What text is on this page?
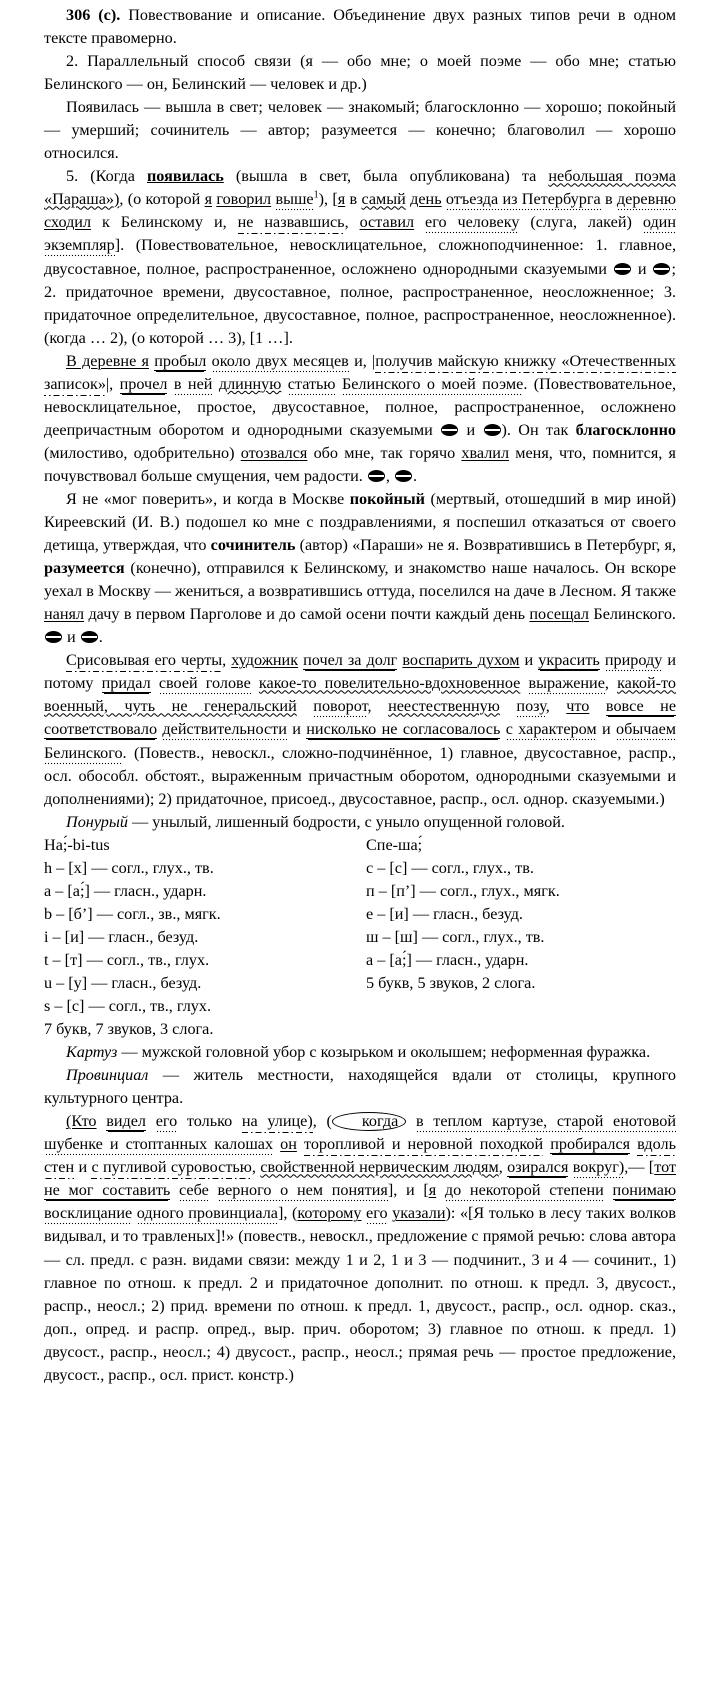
306 (с). Повествование и описание. Объединение двух разных типов речи в одном тексте правомерно.

2. Параллельный способ связи (я — обо мне; о моей поэме — обо мне; статью Белинского — он, Белинский — человек и др.)

Появилась — вышла в свет; человек — знакомый; благосклонно — хорошо; покойный — умерший; сочинитель — автор; разумеется — конечно; благоволил — хорошо относился.

5. (Когда появилась (вышла в свет, была опубликована) та небольшая поэма «Параша»), (о которой я говорил выше$^1$), [я в самый день отъезда из Петербурга в деревню сходил к Белинскому и, не назвавшись, оставил его человеку (слуга, лакей) один экземпляр]. (Повествовательное, невосклицательное, сложноподчиненное: 1. главное, двусоставное, полное, распространенное, осложнено однородными сказуемыми  и ; 2. придаточное времени, двусоставное, полное, распространенное, неосложненное; 3. придаточное определительное, двусоставное, полное, распространенное, неосложненное). (когда … 2), (о которой … 3), [1 …].

В деревне я пробыл около двух месяцев и, |получив майскую книжку «Отечественных записок»|, прочел в ней длинную статью Белинского о моей поэме. (Повествовательное, невосклицательное, простое, двусоставное, полное, распространенное, осложнено деепричастным оборотом и однородными сказуемыми  и ). Он так благосклонно (милостиво, одобрительно) отозвался обо мне, так горячо хвалил меня, что, помнится, я почувствовал больше смущения, чем радости. , .

Я не «мог поверить», и когда в Москве покойный (мертвый, отошедший в мир иной) Киреевский (И. В.) подошел ко мне с поздравлениями, я поспешил отказаться от своего детища, утверждая, что сочинитель (автор) «Параши» не я. Возвратившись в Петербург, я, разумеется (конечно), отправился к Белинскому, и знакомство наше началось. Он вскоре уехал в Москву — жениться, а возвратившись оттуда, поселился на даче в Лесном. Я также нанял дачу в первом Парголове и до самой осени почти каждый день посещал Белинского.  и .

Срисовывая его черты, художник почел за долг воспарить духом и украсить природу и потому придал своей голове какое-то повелительно-вдохновенное выражение, какой-то военный, чуть не генеральский поворот, неестественную позу, что вовсе не соответствовало действительности и нисколько не согласовалось с характером и обычаем Белинского. (Повеств., невоскл., сложно-подчинённое, 1) главное, двусоставное, распр., осл. обособл. обстоят., выраженным причастным оборотом, однородными сказуемыми и дополнениями); 2) придаточное, присоед., двусоставное, распр., осл. однор. сказуемыми.)

Понурый — унылый, лишенный бодрости, с уныло опущенной головой.

На;́-bi-tus
h – [x] — согл., глух., тв.
a – [а;́] — гласн., ударн.
b – [б’] — согл., зв., мягк.
i – [и] — гласн., безуд.
t – [т] — согл., тв., глух.
u – [у] — гласн., безуд.
s – [с] — согл., тв., глух.
7 букв, 7 звуков, 3 слога.
Спе-ша;́
с – [с] — согл., глух., тв.
п – [п’] — согл., глух., мягк.
е – [и] — гласн., безуд.
ш – [ш] — согл., глух., тв.
а – [а;́] — гласн., ударн.
5 букв, 5 звуков, 2 слога.

Картуз — мужской головной убор с козырьком и околышем; неформенная фуражка.

Провинциал — житель местности, находящейся вдали от столицы, крупного культурного центра.

(Кто видел его только на улице), ( когда в теплом картузе, старой енотовой шубенке и стоптанных калошах он торопливой и неровной походкой пробирался вдоль стен и с пугливой суровостью, свойственной нервическим людям, озирался вокруг),— [тот не мог составить себе верного о нем понятия], и [я до некоторой степени понимаю восклицание одного провинциала], (которому его указали): «[Я только в лесу таких волков видывал, и то травленых]!» (повеств., невоскл., предложение с прямой речью: слова автора — сл. предл. с разн. видами связи: между 1 и 2, 1 и 3 — подчинит., 3 и 4 — сочинит., 1) главное по отнош. к предл. 2 и придаточное дополнит. по отнош. к предл. 3, двусост., распр., неосл.; 2) прид. времени по отнош. к предл. 1, двусост., распр., осл. однор. сказ., доп., опред. и распр. опред., выр. прич. оборотом; 3) главное по отнош. к предл. 1) двусост., распр., неосл.; 4) двусост., распр., неосл.; прямая речь — простое предложение, двусост., распр., осл. прист. констр.)
